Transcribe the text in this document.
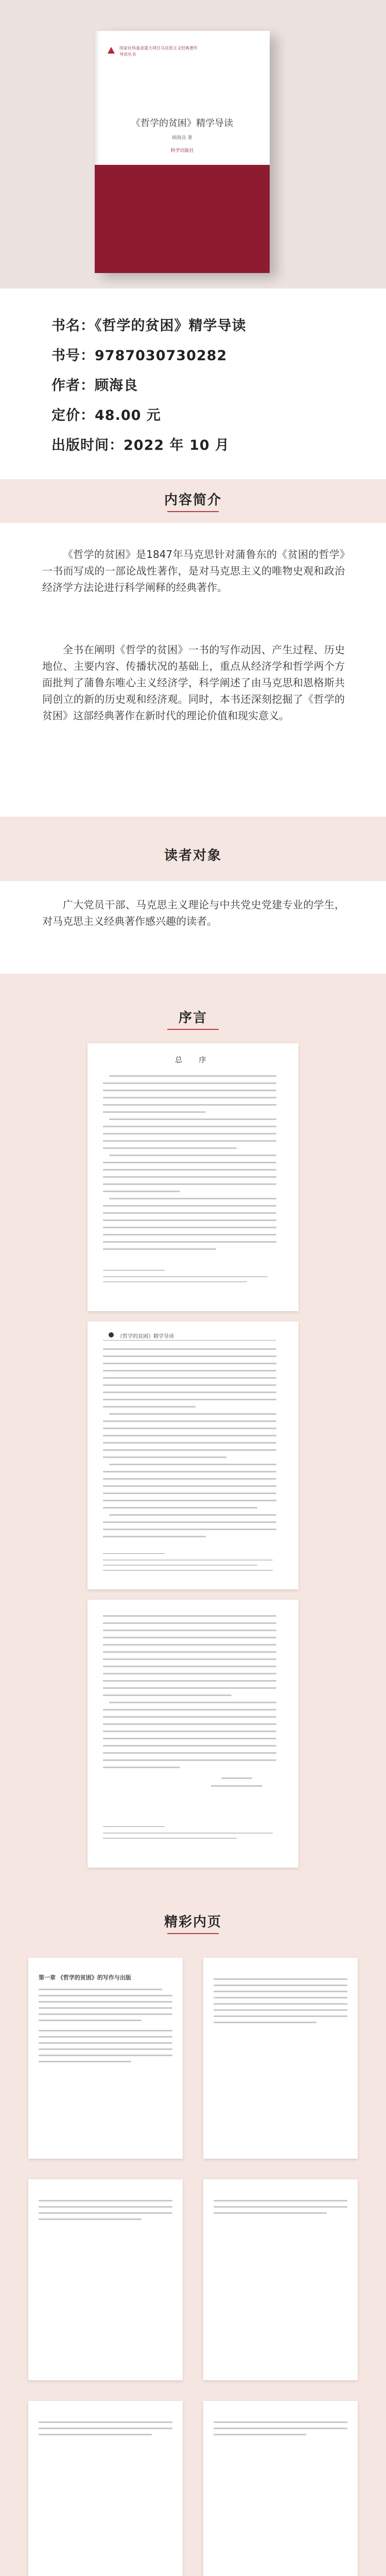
国家社科基金重大项目马克思主义经典著作
导读丛书
《哲学的贫困》精学导读
顾海良 著
科学出版社
书名：《哲学的贫困》精学导读
书号：9787030730282
作者：顾海良
定价：48.00 元
出版时间：2022 年 10 月
内容简介

《哲学的贫困》是1847年马克思针对蒲鲁东的《贫困的哲学》一书而写成的一部论战性著作，是对马克思主义的唯物史观和政治经济学方法论进行科学阐释的经典著作。

全书在阐明《哲学的贫困》一书的写作动因、产生过程、历史地位、主要内容、传播状况的基础上，重点从经济学和哲学两个方面批判了蒲鲁东唯心主义经济学，科学阐述了由马克思和恩格斯共同创立的新的历史观和经济观。同时，本书还深刻挖掘了《哲学的贫困》这部经典著作在新时代的理论价值和现实意义。

读者对象

广大党员干部、马克思主义理论与中共党史党建专业的学生，对马克思主义经典著作感兴趣的读者。

序言
总 序
《哲学的贫困》精学导读
精彩内页
第一章 《哲学的贫困》的写作与出版
